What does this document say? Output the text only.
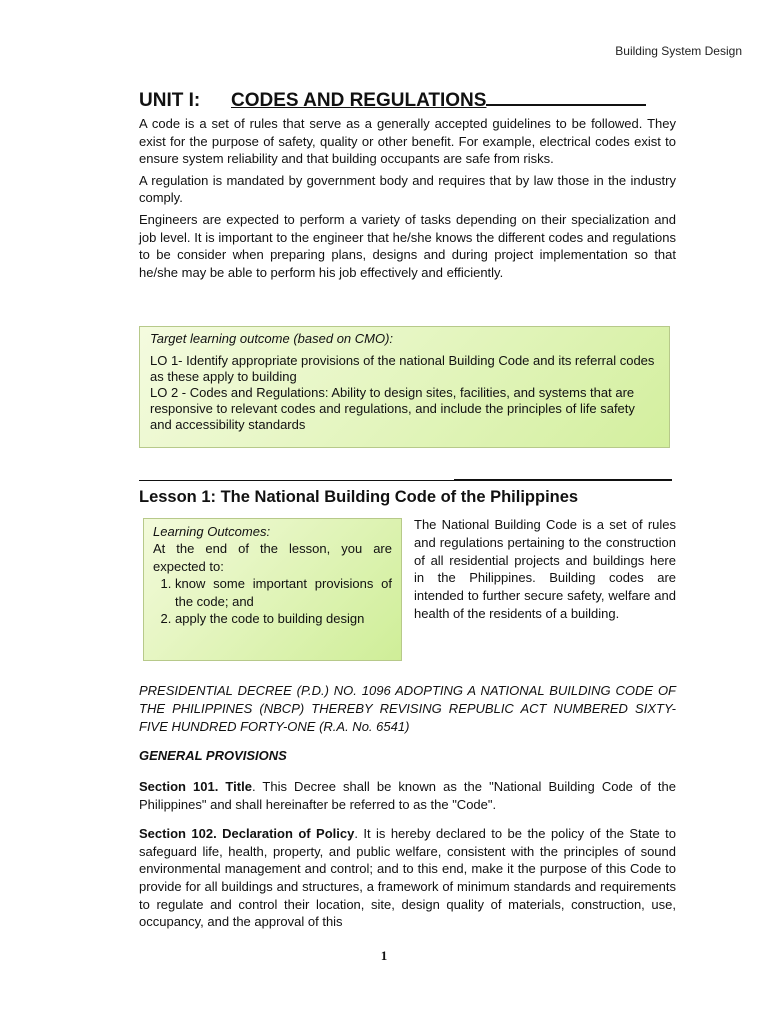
Building System Design
UNIT I: CODES AND REGULATIONS

A code is a set of rules that serve as a generally accepted guidelines to be followed. They exist for the purpose of safety, quality or other benefit. For example, electrical codes exist to ensure system reliability and that building occupants are safe from risks.

A regulation is mandated by government body and requires that by law those in the industry comply.

Engineers are expected to perform a variety of tasks depending on their specialization and job level. It is important to the engineer that he/she knows the different codes and regulations to be consider when preparing plans, designs and during project implementation so that he/she may be able to perform his job effectively and efficiently.

Target learning outcome (based on CMO):
LO 1- Identify appropriate provisions of the national Building Code and its referral codes as these apply to building
LO 2 - Codes and Regulations: Ability to design sites, facilities, and systems that are responsive to relevant codes and regulations, and include the principles of life safety and accessibility standards
Lesson 1: The National Building Code of the Philippines
Learning Outcomes:
At the end of the lesson, you are expected to:
1. know some important provisions of the code; and
2. apply the code to building design
The National Building Code is a set of rules and regulations pertaining to the construction of all residential projects and buildings here in the Philippines. Building codes are intended to further secure safety, welfare and health of the residents of a building.

PRESIDENTIAL DECREE (P.D.) NO. 1096 ADOPTING A NATIONAL BUILDING CODE OF THE PHILIPPINES (NBCP) THEREBY REVISING REPUBLIC ACT NUMBERED SIXTY-FIVE HUNDRED FORTY-ONE (R.A. No. 6541)

GENERAL PROVISIONS

Section 101. Title. This Decree shall be known as the "National Building Code of the Philippines" and shall hereinafter be referred to as the "Code".

Section 102. Declaration of Policy. It is hereby declared to be the policy of the State to safeguard life, health, property, and public welfare, consistent with the principles of sound environmental management and control; and to this end, make it the purpose of this Code to provide for all buildings and structures, a framework of minimum standards and requirements to regulate and control their location, site, design quality of materials, construction, use, occupancy, and the approval of this

1
